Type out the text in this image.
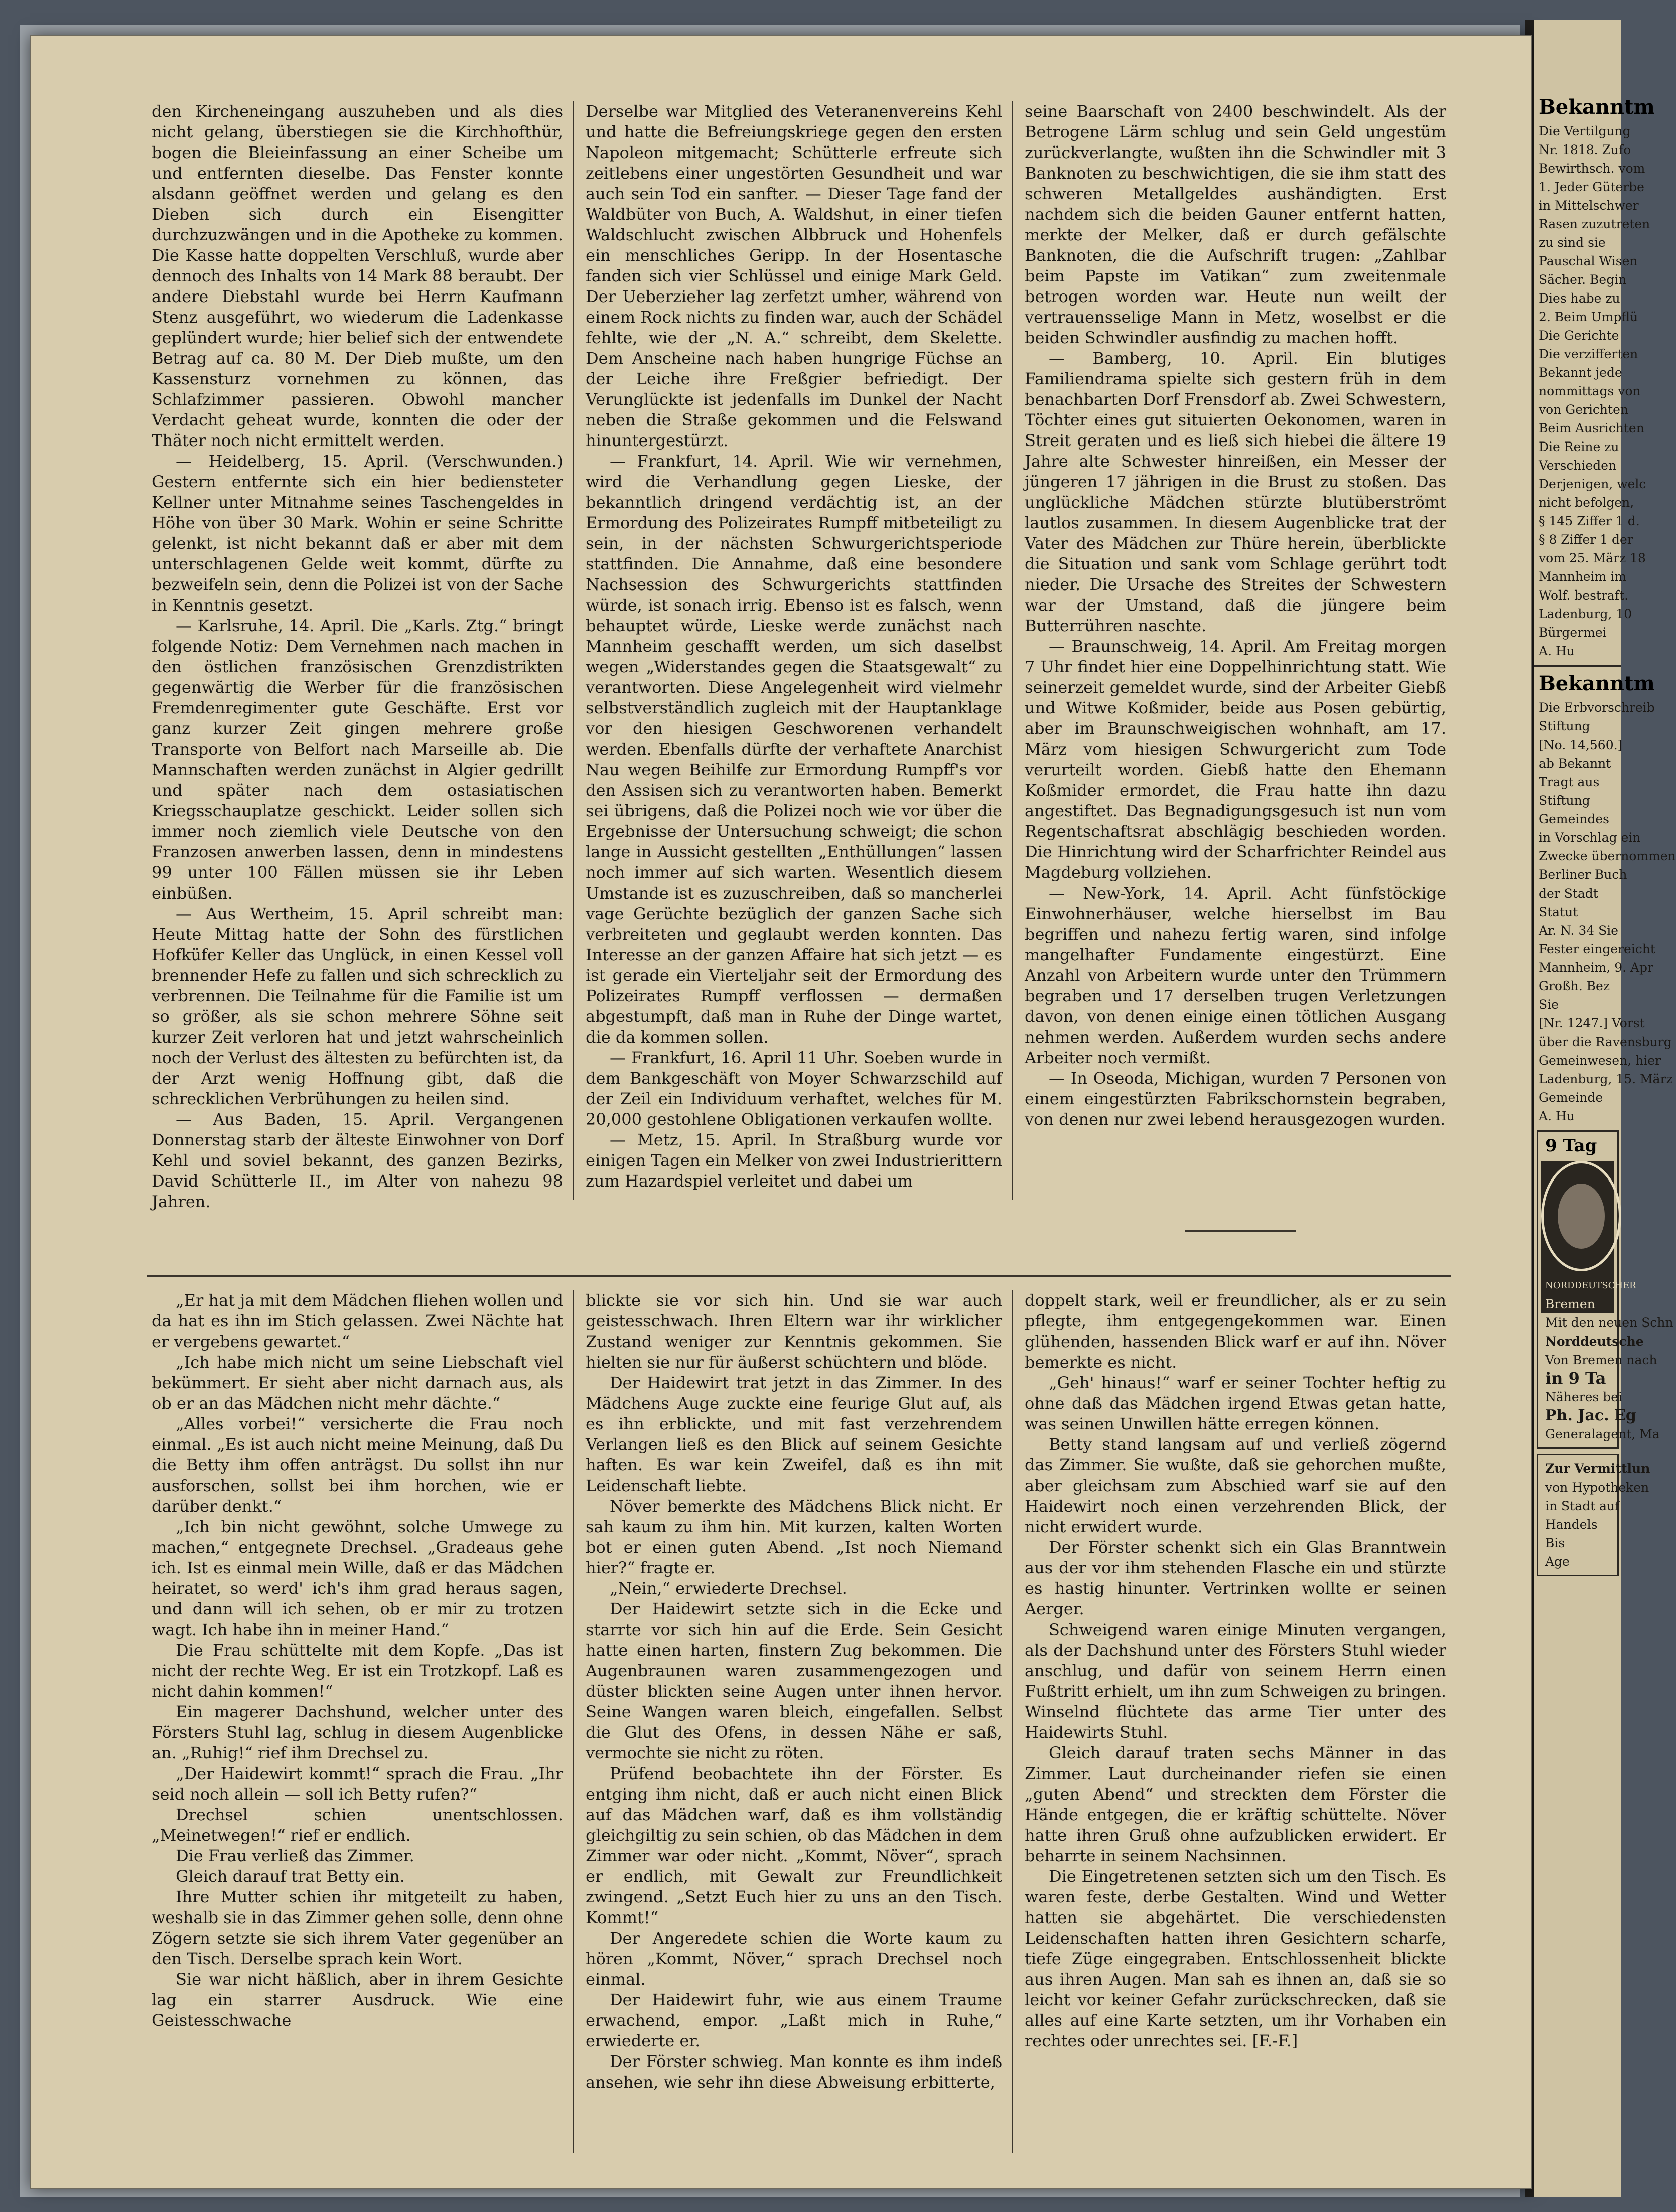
den Kircheneingang auszuheben und als dies nicht gelang, überstiegen sie die Kirchhofthür, bogen die Bleieinfassung an einer Scheibe um und entfernten dieselbe. Das Fenster konnte alsdann geöffnet werden und gelang es den Dieben sich durch ein Eisengitter durchzuzwängen und in die Apotheke zu kommen. Die Kasse hatte doppelten Verschluß, wurde aber dennoch des Inhalts von 14 Mark 88 beraubt. Der andere Diebstahl wurde bei Herrn Kaufmann Stenz ausgeführt, wo wiederum die Ladenkasse geplündert wurde; hier belief sich der entwendete Betrag auf ca. 80 M. Der Dieb mußte, um den Kassensturz vornehmen zu können, das Schlafzimmer passieren. Obwohl mancher Verdacht geheat wurde, konnten die oder der Thäter noch nicht ermittelt werden.

— Heidelberg, 15. April. (Verschwunden.) Gestern entfernte sich ein hier bediensteter Kellner unter Mitnahme seines Taschengeldes in Höhe von über 30 Mark. Wohin er seine Schritte gelenkt, ist nicht bekannt daß er aber mit dem unterschlagenen Gelde weit kommt, dürfte zu bezweifeln sein, denn die Polizei ist von der Sache in Kenntnis gesetzt.

— Karlsruhe, 14. April. Die „Karls. Ztg.“ bringt folgende Notiz: Dem Vernehmen nach machen in den östlichen französischen Grenzdistrikten gegenwärtig die Werber für die französischen Fremdenregimenter gute Geschäfte. Erst vor ganz kurzer Zeit gingen mehrere große Transporte von Belfort nach Marseille ab. Die Mannschaften werden zunächst in Algier gedrillt und später nach dem ostasiatischen Kriegsschauplatze geschickt. Leider sollen sich immer noch ziemlich viele Deutsche von den Franzosen anwerben lassen, denn in mindestens 99 unter 100 Fällen müssen sie ihr Leben einbüßen.

— Aus Wertheim, 15. April schreibt man: Heute Mittag hatte der Sohn des fürstlichen Hofküfer Keller das Unglück, in einen Kessel voll brennender Hefe zu fallen und sich schrecklich zu verbrennen. Die Teilnahme für die Familie ist um so größer, als sie schon mehrere Söhne seit kurzer Zeit verloren hat und jetzt wahrscheinlich noch der Verlust des ältesten zu befürchten ist, da der Arzt wenig Hoffnung gibt, daß die schrecklichen Verbrühungen zu heilen sind.

— Aus Baden, 15. April. Vergangenen Donnerstag starb der älteste Einwohner von Dorf Kehl und soviel bekannt, des ganzen Bezirks, David Schütterle II., im Alter von nahezu 98 Jahren.

Derselbe war Mitglied des Veteranenvereins Kehl und hatte die Befreiungskriege gegen den ersten Napoleon mitgemacht; Schütterle erfreute sich zeitlebens einer ungestörten Gesundheit und war auch sein Tod ein sanfter. — Dieser Tage fand der Waldbüter von Buch, A. Waldshut, in einer tiefen Waldschlucht zwischen Albbruck und Hohenfels ein menschliches Geripp. In der Hosentasche fanden sich vier Schlüssel und einige Mark Geld. Der Ueberzieher lag zerfetzt umher, während von einem Rock nichts zu finden war, auch der Schädel fehlte, wie der „N. A.“ schreibt, dem Skelette. Dem Anscheine nach haben hungrige Füchse an der Leiche ihre Freßgier befriedigt. Der Verunglückte ist jedenfalls im Dunkel der Nacht neben die Straße gekommen und die Felswand hinuntergestürzt.

— Frankfurt, 14. April. Wie wir vernehmen, wird die Verhandlung gegen Lieske, der bekanntlich dringend verdächtig ist, an der Ermordung des Polizeirates Rumpff mitbeteiligt zu sein, in der nächsten Schwurgerichtsperiode stattfinden. Die Annahme, daß eine besondere Nachsession des Schwurgerichts stattfinden würde, ist sonach irrig. Ebenso ist es falsch, wenn behauptet würde, Lieske werde zunächst nach Mannheim geschafft werden, um sich daselbst wegen „Widerstandes gegen die Staatsgewalt“ zu verantworten. Diese Angelegenheit wird vielmehr selbstverständlich zugleich mit der Hauptanklage vor den hiesigen Geschworenen verhandelt werden. Ebenfalls dürfte der verhaftete Anarchist Nau wegen Beihilfe zur Ermordung Rumpff's vor den Assisen sich zu verantworten haben. Bemerkt sei übrigens, daß die Polizei noch wie vor über die Ergebnisse der Untersuchung schweigt; die schon lange in Aussicht gestellten „Enthüllungen“ lassen noch immer auf sich warten. Wesentlich diesem Umstande ist es zuzuschreiben, daß so mancherlei vage Gerüchte bezüglich der ganzen Sache sich verbreiteten und geglaubt werden konnten. Das Interesse an der ganzen Affaire hat sich jetzt — es ist gerade ein Vierteljahr seit der Ermordung des Polizeirates Rumpff verflossen — dermaßen abgestumpft, daß man in Ruhe der Dinge wartet, die da kommen sollen.

— Frankfurt, 16. April 11 Uhr. Soeben wurde in dem Bankgeschäft von Moyer Schwarzschild auf der Zeil ein Individuum verhaftet, welches für M. 20,000 gestohlene Obligationen verkaufen wollte.

— Metz, 15. April. In Straßburg wurde vor einigen Tagen ein Melker von zwei Industrierittern zum Hazardspiel verleitet und dabei um

seine Baarschaft von 2400 beschwindelt. Als der Betrogene Lärm schlug und sein Geld ungestüm zurückverlangte, wußten ihn die Schwindler mit 3 Banknoten zu beschwichtigen, die sie ihm statt des schweren Metallgeldes aushändigten. Erst nachdem sich die beiden Gauner entfernt hatten, merkte der Melker, daß er durch gefälschte Banknoten, die die Aufschrift trugen: „Zahlbar beim Papste im Vatikan“ zum zweitenmale betrogen worden war. Heute nun weilt der vertrauensselige Mann in Metz, woselbst er die beiden Schwindler ausfindig zu machen hofft.

— Bamberg, 10. April. Ein blutiges Familiendrama spielte sich gestern früh in dem benachbarten Dorf Frensdorf ab. Zwei Schwestern, Töchter eines gut situierten Oekonomen, waren in Streit geraten und es ließ sich hiebei die ältere 19 Jahre alte Schwester hinreißen, ein Messer der jüngeren 17 jährigen in die Brust zu stoßen. Das unglückliche Mädchen stürzte blutüberströmt lautlos zusammen. In diesem Augenblicke trat der Vater des Mädchen zur Thüre herein, überblickte die Situation und sank vom Schlage gerührt todt nieder. Die Ursache des Streites der Schwestern war der Umstand, daß die jüngere beim Butterrühren naschte.

— Braunschweig, 14. April. Am Freitag morgen 7 Uhr findet hier eine Doppelhinrichtung statt. Wie seinerzeit gemeldet wurde, sind der Arbeiter Giebß und Witwe Koßmider, beide aus Posen gebürtig, aber im Braunschweigischen wohnhaft, am 17. März vom hiesigen Schwurgericht zum Tode verurteilt worden. Giebß hatte den Ehemann Koßmider ermordet, die Frau hatte ihn dazu angestiftet. Das Begnadigungsgesuch ist nun vom Regentschaftsrat abschlägig beschieden worden. Die Hinrichtung wird der Scharfrichter Reindel aus Magdeburg vollziehen.

— New-York, 14. April. Acht fünfstöckige Einwohnerhäuser, welche hierselbst im Bau begriffen und nahezu fertig waren, sind infolge mangelhafter Fundamente eingestürzt. Eine Anzahl von Arbeitern wurde unter den Trümmern begraben und 17 derselben trugen Verletzungen davon, von denen einige einen tötlichen Ausgang nehmen werden. Außerdem wurden sechs andere Arbeiter noch vermißt.

— In Oseoda, Michigan, wurden 7 Personen von einem eingestürzten Fabrikschornstein begraben, von denen nur zwei lebend herausgezogen wurden.

„Er hat ja mit dem Mädchen fliehen wollen und da hat es ihn im Stich gelassen. Zwei Nächte hat er vergebens gewartet.“

„Ich habe mich nicht um seine Liebschaft viel bekümmert. Er sieht aber nicht darnach aus, als ob er an das Mädchen nicht mehr dächte.“

„Alles vorbei!“ versicherte die Frau noch einmal. „Es ist auch nicht meine Meinung, daß Du die Betty ihm offen anträgst. Du sollst ihn nur ausforschen, sollst bei ihm horchen, wie er darüber denkt.“

„Ich bin nicht gewöhnt, solche Umwege zu machen,“ entgegnete Drechsel. „Gradeaus gehe ich. Ist es einmal mein Wille, daß er das Mädchen heiratet, so werd' ich's ihm grad heraus sagen, und dann will ich sehen, ob er mir zu trotzen wagt. Ich habe ihn in meiner Hand.“

Die Frau schüttelte mit dem Kopfe. „Das ist nicht der rechte Weg. Er ist ein Trotzkopf. Laß es nicht dahin kommen!“

Ein magerer Dachshund, welcher unter des Försters Stuhl lag, schlug in diesem Augenblicke an. „Ruhig!“ rief ihm Drechsel zu.

„Der Haidewirt kommt!“ sprach die Frau. „Ihr seid noch allein — soll ich Betty rufen?“

Drechsel schien unentschlossen. „Meinetwegen!“ rief er endlich.

Die Frau verließ das Zimmer.

Gleich darauf trat Betty ein.

Ihre Mutter schien ihr mitgeteilt zu haben, weshalb sie in das Zimmer gehen solle, denn ohne Zögern setzte sie sich ihrem Vater gegenüber an den Tisch. Derselbe sprach kein Wort.

Sie war nicht häßlich, aber in ihrem Gesichte lag ein starrer Ausdruck. Wie eine Geistesschwache

blickte sie vor sich hin. Und sie war auch geistesschwach. Ihren Eltern war ihr wirklicher Zustand weniger zur Kenntnis gekommen. Sie hielten sie nur für äußerst schüchtern und blöde.

Der Haidewirt trat jetzt in das Zimmer. In des Mädchens Auge zuckte eine feurige Glut auf, als es ihn erblickte, und mit fast verzehrendem Verlangen ließ es den Blick auf seinem Gesichte haften. Es war kein Zweifel, daß es ihn mit Leidenschaft liebte.

Növer bemerkte des Mädchens Blick nicht. Er sah kaum zu ihm hin. Mit kurzen, kalten Worten bot er einen guten Abend. „Ist noch Niemand hier?“ fragte er.

„Nein,“ erwiederte Drechsel.

Der Haidewirt setzte sich in die Ecke und starrte vor sich hin auf die Erde. Sein Gesicht hatte einen harten, finstern Zug bekommen. Die Augenbraunen waren zusammengezogen und düster blickten seine Augen unter ihnen hervor. Seine Wangen waren bleich, eingefallen. Selbst die Glut des Ofens, in dessen Nähe er saß, vermochte sie nicht zu röten.

Prüfend beobachtete ihn der Förster. Es entging ihm nicht, daß er auch nicht einen Blick auf das Mädchen warf, daß es ihm vollständig gleichgiltig zu sein schien, ob das Mädchen in dem Zimmer war oder nicht. „Kommt, Növer“, sprach er endlich, mit Gewalt zur Freundlichkeit zwingend. „Setzt Euch hier zu uns an den Tisch. Kommt!“

Der Angeredete schien die Worte kaum zu hören „Kommt, Növer,“ sprach Drechsel noch einmal.

Der Haidewirt fuhr, wie aus einem Traume erwachend, empor. „Laßt mich in Ruhe,“ erwiederte er.

Der Förster schwieg. Man konnte es ihm indeß ansehen, wie sehr ihn diese Abweisung erbitterte,

doppelt stark, weil er freundlicher, als er zu sein pflegte, ihm entgegengekommen war. Einen glühenden, hassenden Blick warf er auf ihn. Növer bemerkte es nicht.

„Geh' hinaus!“ warf er seiner Tochter heftig zu ohne daß das Mädchen irgend Etwas getan hatte, was seinen Unwillen hätte erregen können.

Betty stand langsam auf und verließ zögernd das Zimmer. Sie wußte, daß sie gehorchen mußte, aber gleichsam zum Abschied warf sie auf den Haidewirt noch einen verzehrenden Blick, der nicht erwidert wurde.

Der Förster schenkt sich ein Glas Branntwein aus der vor ihm stehenden Flasche ein und stürzte es hastig hinunter. Vertrinken wollte er seinen Aerger.

Schweigend waren einige Minuten vergangen, als der Dachshund unter des Försters Stuhl wieder anschlug, und dafür von seinem Herrn einen Fußtritt erhielt, um ihn zum Schweigen zu bringen. Winselnd flüchtete das arme Tier unter des Haidewirts Stuhl.

Gleich darauf traten sechs Männer in das Zimmer. Laut durcheinander riefen sie einen „guten Abend“ und streckten dem Förster die Hände entgegen, die er kräftig schüttelte. Növer hatte ihren Gruß ohne aufzublicken erwidert. Er beharrte in seinem Nachsinnen.

Die Eingetretenen setzten sich um den Tisch. Es waren feste, derbe Gestalten. Wind und Wetter hatten sie abgehärtet. Die verschiedensten Leidenschaften hatten ihren Gesichtern scharfe, tiefe Züge eingegraben. Entschlossenheit blickte aus ihren Augen. Man sah es ihnen an, daß sie so leicht vor keiner Gefahr zurückschrecken, daß sie alles auf eine Karte setzten, um ihr Vorhaben ein rechtes oder unrechtes sei. [F.-F.]

Bekanntm
Die Vertilgung
Nr. 1818. Zufo
Bewirthsch. vom
1. Jeder Güterbe
in Mittelschwer
Rasen zuzutreten
zu sind sie
Pauschal Wisen
Sächer. Begin
Dies habe zu
2. Beim Umpflü
Die Gerichte
Die verzifferten
Bekannt jede
nommittags von
von Gerichten
Beim Ausrichten
Die Reine zu
Verschieden
Derjenigen, welc
nicht befolgen,
§ 145 Ziffer 1 d.
§ 8 Ziffer 1 der
vom 25. März 18
Mannheim im
Wolf. bestraft.
Ladenburg, 10
Bürgermei
A. Hu
Bekanntm
Die Erbvorschreib
Stiftung
[No. 14,560.]
ab Bekannt
Tragt aus
Stiftung
Gemeindes
in Vorschlag ein
Zwecke übernommen
Berliner Buch
der Stadt
Statut
Ar. N. 34 Sie
Fester eingereicht
Mannheim, 9. Apr
Großh. Bez
Sie
[Nr. 1247.] Vorst
über die Ravensburg
Gemeinwesen, hier
Ladenburg, 15. März
Gemeinde
A. Hu
9 Tag
NORDDEUTSCHER
Bremen
Mit den neuen Schn
Norddeutsche
Von Bremen nach
in 9 Ta
Näheres bei
Ph. Jac. Eg
Generalagent, Ma
Zur Vermittlun
von Hypotheken
in Stadt auf
Handels
Bis
Age
